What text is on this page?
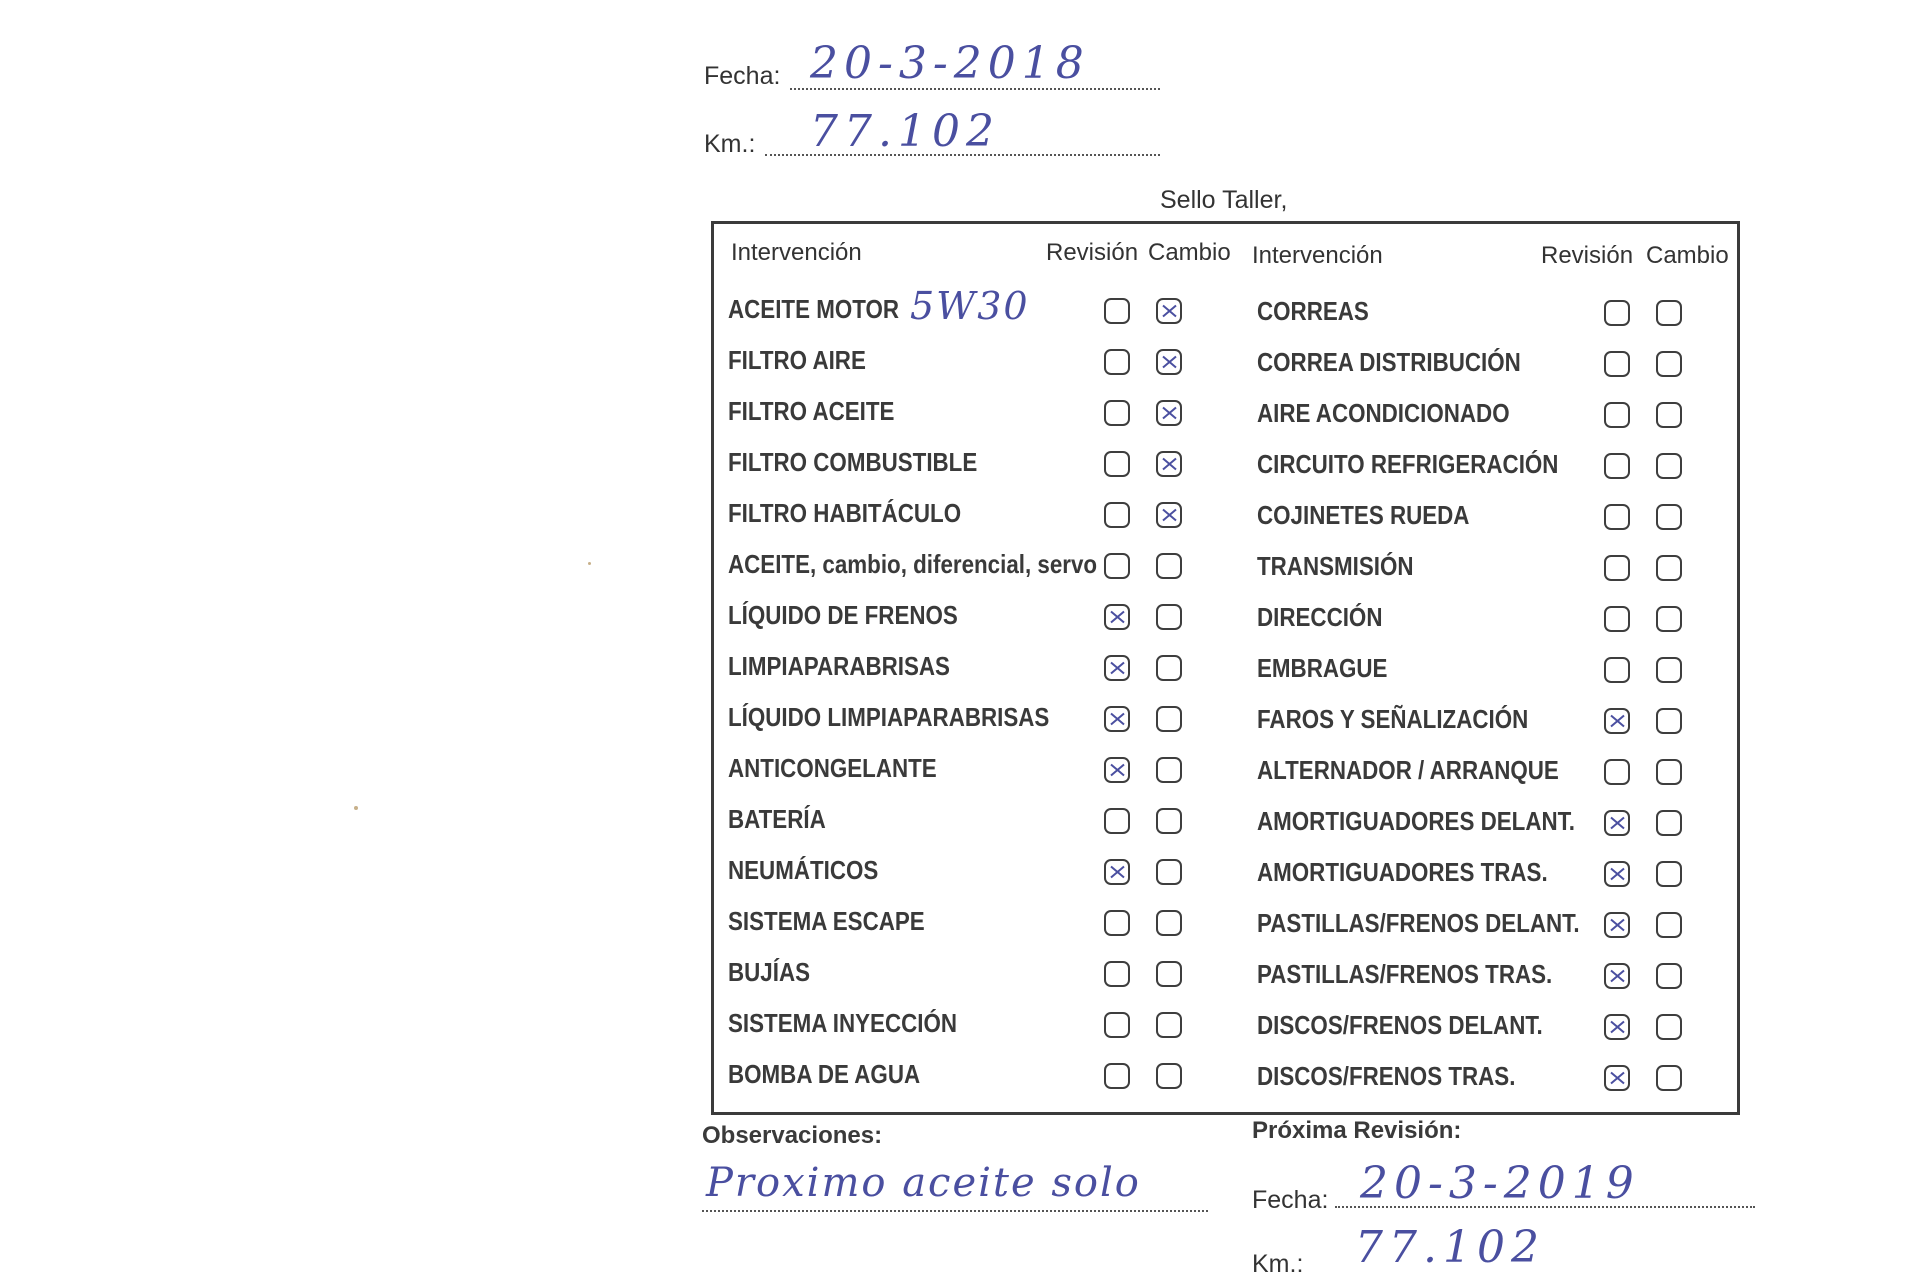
Fecha: 20-3-2018
Km.: 77.102
Sello Taller,
Intervención	Revisión Cambio Intervención	Revisión Cambio
ACEITE MOTOR 5W30
FILTRO AIRE
FILTRO ACEITE
FILTRO COMBUSTIBLE
FILTRO HABITÁCULO
ACEITE, cambio, diferencial, servo
LÍQUIDO DE FRENOS
LIMPIAPARABRISAS
LÍQUIDO LIMPIAPARABRISAS
ANTICONGELANTE
BATERÍA
NEUMÁTICOS
SISTEMA ESCAPE
BUJÍAS
SISTEMA INYECCIÓN
BOMBA DE AGUA
CORREAS
CORREA DISTRIBUCIÓN
AIRE ACONDICIONADO
CIRCUITO REFRIGERACIÓN
COJINETES RUEDA
TRANSMISIÓN
DIRECCIÓN
EMBRAGUE
FAROS Y SEÑALIZACIÓN
ALTERNADOR / ARRANQUE
AMORTIGUADORES DELANT.
AMORTIGUADORES TRAS.
PASTILLAS/FRENOS DELANT.
PASTILLAS/FRENOS TRAS.
DISCOS/FRENOS DELANT.
DISCOS/FRENOS TRAS.
Observaciones:
Proximo aceite solo
Próxima Revisión:
Fecha: 20-3-2019
Km.: 77.102
